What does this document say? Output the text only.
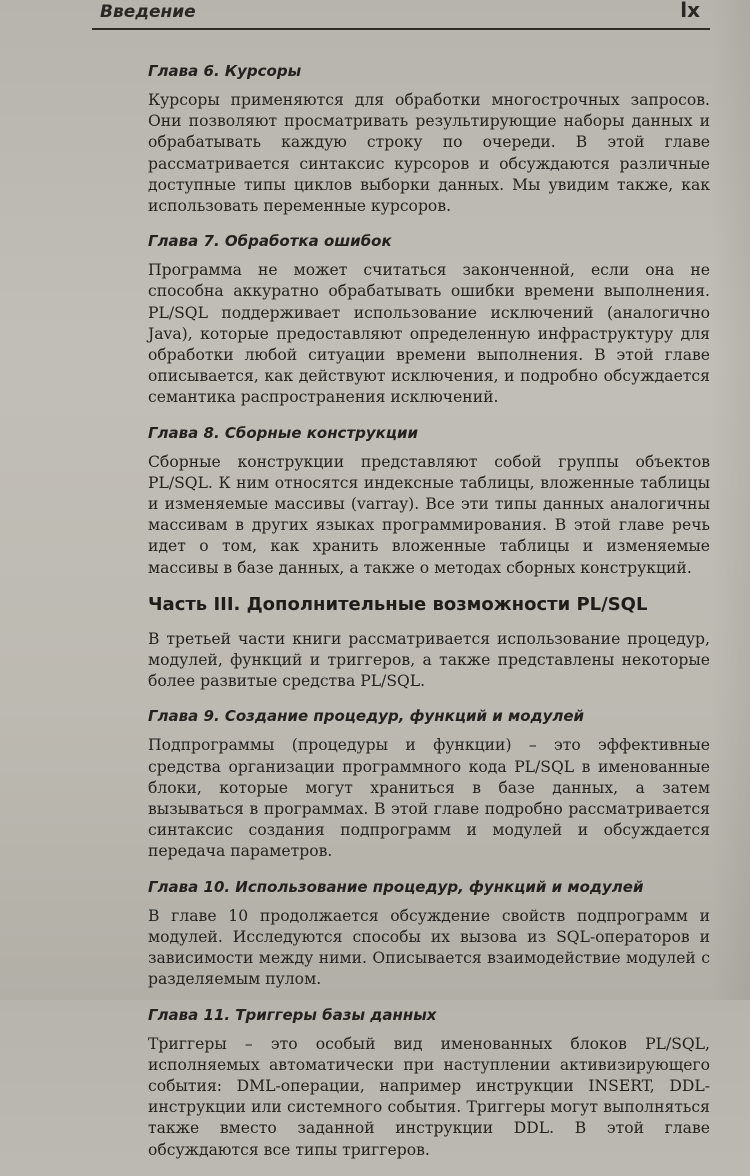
Введение	lx
Глава 6. Курсоры
Курсоры применяются для обработки многострочных запросов. Они позволяют просматривать результирующие наборы данных и обрабатывать каждую строку по очереди. В этой главе рассматривается синтаксис курсоров и обсуждаются различные доступные типы циклов выборки данных. Мы увидим также, как использовать переменные курсоров.
Глава 7. Обработка ошибок
Программа не может считаться законченной, если она не способна аккуратно обрабатывать ошибки времени выполнения. PL/SQL поддерживает использование исключений (аналогично Java), которые предоставляют определенную инфраструктуру для обработки любой ситуации времени выполнения. В этой главе описывается, как действуют исключения, и подробно обсуждается семантика распространения исключений.
Глава 8. Сборные конструкции
Сборные конструкции представляют собой группы объектов PL/SQL. К ним относятся индексные таблицы, вложенные таблицы и изменяемые массивы (varray). Все эти типы данных аналогичны массивам в других языках программирования. В этой главе речь идет о том, как хранить вложенные таблицы и изменяемые массивы в базе данных, а также о методах сборных конструкций.
Часть III. Дополнительные возможности PL/SQL
В третьей части книги рассматривается использование процедур, модулей, функций и триггеров, а также представлены некоторые более развитые средства PL/SQL.
Глава 9. Создание процедур, функций и модулей
Подпрограммы (процедуры и функции) – это эффективные средства организации программного кода PL/SQL в именованные блоки, которые могут храниться в базе данных, а затем вызываться в программах. В этой главе подробно рассматривается синтаксис создания подпрограмм и модулей и обсуждается передача параметров.
Глава 10. Использование процедур, функций и модулей
В главе 10 продолжается обсуждение свойств подпрограмм и модулей. Исследуются способы их вызова из SQL-операторов и зависимости между ними. Описывается взаимодействие модулей с разделяемым пулом.
Глава 11. Триггеры базы данных
Триггеры – это особый вид именованных блоков PL/SQL, исполняемых автоматически при наступлении активизирующего события: DML-операции, например инструкции INSERT, DDL-инструкции или системного события. Триггеры могут выполняться также вместо заданной инструкции DDL. В этой главе обсуждаются все типы триггеров.
